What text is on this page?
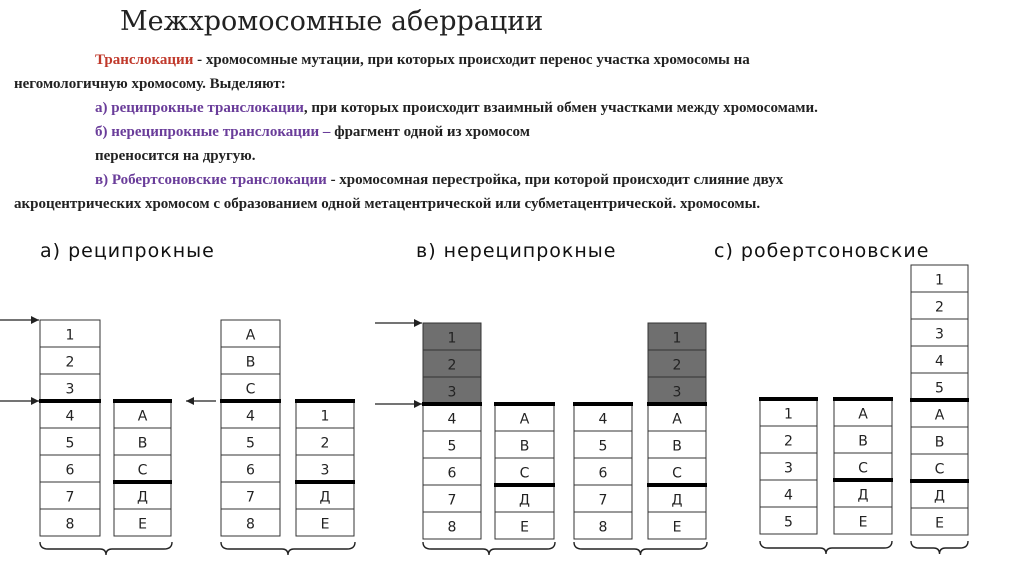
Межхромосомные аберрации
Транслокации - хромосомные мутации, при которых происходит перенос участка хромосомы на
негомологичную хромосому. Выделяют:
а) реципрокные транслокации, при которых происходит взаимный обмен участками между хромосомами.
б) нереципрокные транслокации – фрагмент одной из хромосом
переносится на другую.
в) Робертсоновские транслокации - хромосомная перестройка, при которой происходит слияние двух
акроцентрических хромосом с образованием одной метацентрической или субметацентрической. хромосомы.
а) реципрокные	в) нереципрокные	с) робертсоновские
1
2
3
4
5
6
7
8
А
В
С
Д
Е
А
В
С
4
5
6
7
8
1
2
3
Д
Е
1
2
3
4
5
6
7
8
А
В
С
Д
Е
4
5
6
7
8
1
2
3
А
В
С
Д
Е
1
2
3
4
5
А
В
С
Д
Е
1
2
3
4
5
А
В
С
Д
Е
